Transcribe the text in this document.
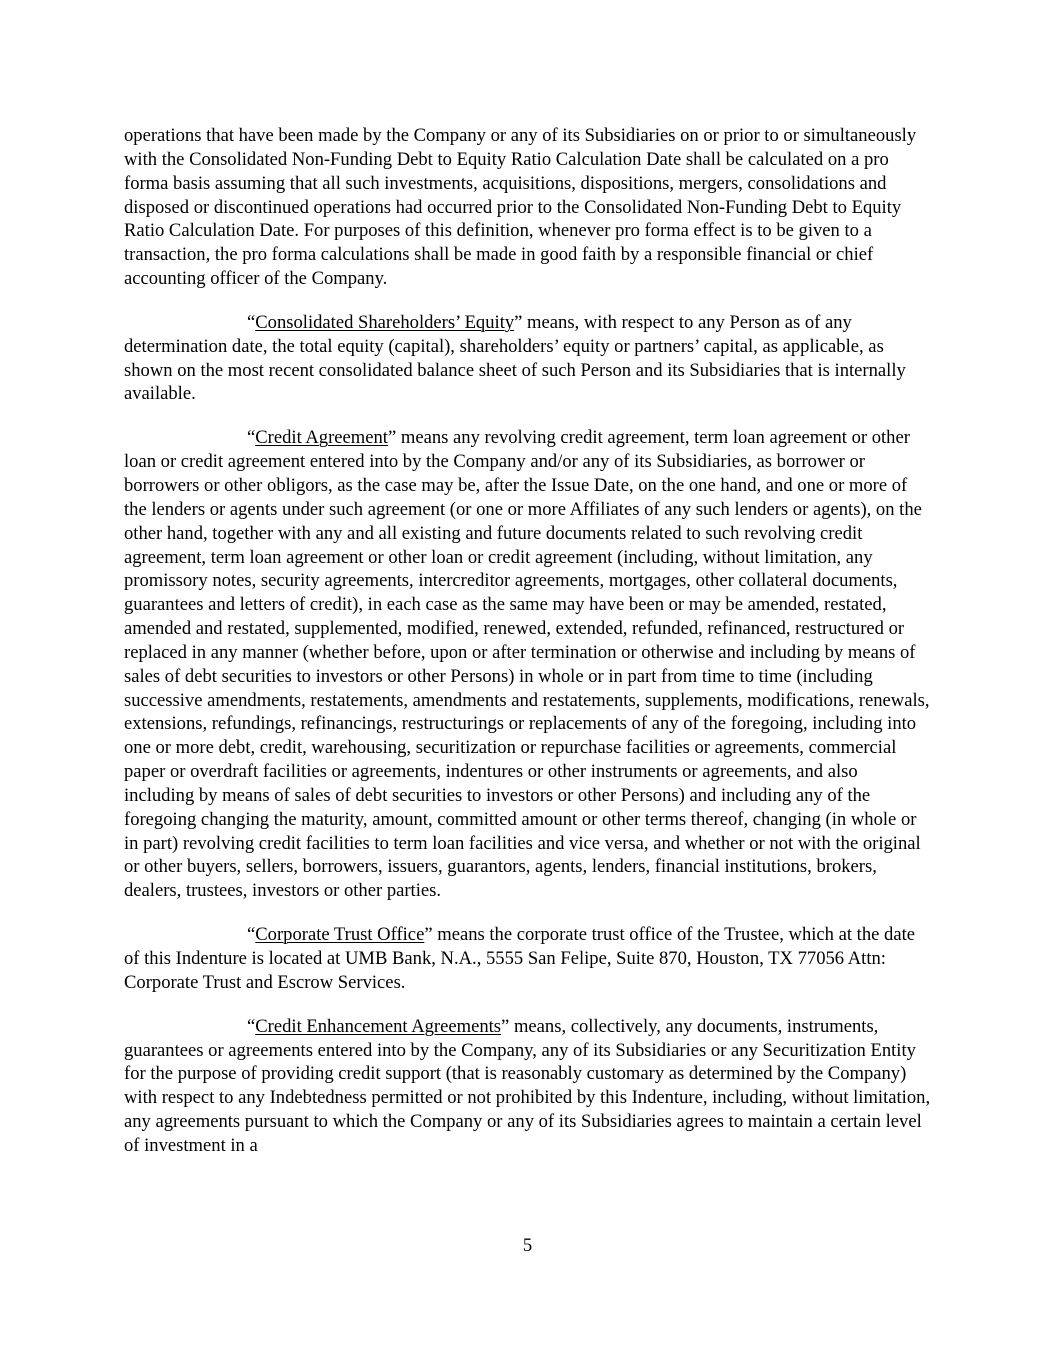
operations that have been made by the Company or any of its Subsidiaries on or prior to or simultaneously with the Consolidated Non-Funding Debt to Equity Ratio Calculation Date shall be calculated on a pro forma basis assuming that all such investments, acquisitions, dispositions, mergers, consolidations and disposed or discontinued operations had occurred prior to the Consolidated Non-Funding Debt to Equity Ratio Calculation Date. For purposes of this definition, whenever pro forma effect is to be given to a transaction, the pro forma calculations shall be made in good faith by a responsible financial or chief accounting officer of the Company.

“Consolidated Shareholders’ Equity” means, with respect to any Person as of any determination date, the total equity (capital), shareholders’ equity or partners’ capital, as applicable, as shown on the most recent consolidated balance sheet of such Person and its Subsidiaries that is internally available.

“Credit Agreement” means any revolving credit agreement, term loan agreement or other loan or credit agreement entered into by the Company and/or any of its Subsidiaries, as borrower or borrowers or other obligors, as the case may be, after the Issue Date, on the one hand, and one or more of the lenders or agents under such agreement (or one or more Affiliates of any such lenders or agents), on the other hand, together with any and all existing and future documents related to such revolving credit agreement, term loan agreement or other loan or credit agreement (including, without limitation, any promissory notes, security agreements, intercreditor agreements, mortgages, other collateral documents, guarantees and letters of credit), in each case as the same may have been or may be amended, restated, amended and restated, supplemented, modified, renewed, extended, refunded, refinanced, restructured or replaced in any manner (whether before, upon or after termination or otherwise and including by means of sales of debt securities to investors or other Persons) in whole or in part from time to time (including successive amendments, restatements, amendments and restatements, supplements, modifications, renewals, extensions, refundings, refinancings, restructurings or replacements of any of the foregoing, including into one or more debt, credit, warehousing, securitization or repurchase facilities or agreements, commercial paper or overdraft facilities or agreements, indentures or other instruments or agreements, and also including by means of sales of debt securities to investors or other Persons) and including any of the foregoing changing the maturity, amount, committed amount or other terms thereof, changing (in whole or in part) revolving credit facilities to term loan facilities and vice versa, and whether or not with the original or other buyers, sellers, borrowers, issuers, guarantors, agents, lenders, financial institutions, brokers, dealers, trustees, investors or other parties.

“Corporate Trust Office” means the corporate trust office of the Trustee, which at the date of this Indenture is located at UMB Bank, N.A., 5555 San Felipe, Suite 870, Houston, TX 77056 Attn: Corporate Trust and Escrow Services.

“Credit Enhancement Agreements” means, collectively, any documents, instruments, guarantees or agreements entered into by the Company, any of its Subsidiaries or any Securitization Entity for the purpose of providing credit support (that is reasonably customary as determined by the Company) with respect to any Indebtedness permitted or not prohibited by this Indenture, including, without limitation, any agreements pursuant to which the Company or any of its Subsidiaries agrees to maintain a certain level of investment in a

5
